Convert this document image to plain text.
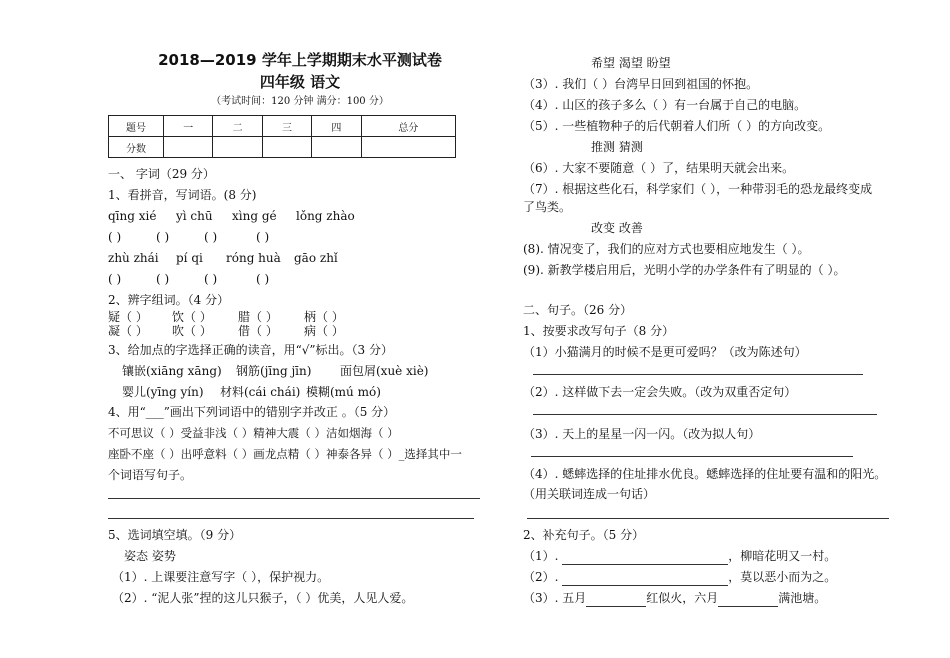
2018—2019 学年上学期期末水平测试卷
四年级 语文
（考试时间：120 分钟 满分：100 分）
题号	一	二	三	四	总分
分数					
一、 字词（29 分）
1、看拼音，写词语。(8 分)
qīng xié yì chū xìng gé lǒng zhào
( )	( )	( )	( )
zhù zhái pí qi róng huà gāo zhǐ
( )	( )	( )	( )
2、辨字组词。（4 分）
疑（ ） 饮（ ） 腊（ ） 柄（ ）
凝（ ） 吹（ ） 借（ ） 病（ ）
3、给加点的字选择正确的读音，用“√”标出。（3 分）
镶嵌(xiāng xāng) 钢筋(jīng jīn) 面包屑(xuè xiè)
婴儿(yīng yín) 材料(cái chái) 模糊(mú mó)
4、用“___”画出下列词语中的错别字并改正 。（5 分）
不可思议（ ）受益非浅（ ）精神大震（ ）洁如烟海（ ）
座卧不座（ ）出呼意料（ ）画龙点精（ ）神泰各异（ ）_选择其中一
个词语写句子。
5、选词填空填。（9 分）
姿态 姿势
（1）. 上课要注意写字（ ），保护视力。
（2）. “泥人张”捏的这儿只猴子，（ ）优美，人见人爱。
希望 渴望 盼望
（3）. 我们（ ）台湾早日回到祖国的怀抱。
（4）. 山区的孩子多么（ ）有一台属于自己的电脑。
（5）. 一些植物种子的后代朝着人们所（ ）的方向改变。
推测 猜测
（6）. 大家不要随意（ ）了，结果明天就会出来。
（7）. 根据这些化石，科学家们（ ），一种带羽毛的恐龙最终变成
了鸟类。
改变 改善
(8). 情况变了，我们的应对方式也要相应地发生（ ）。
(9). 新教学楼启用后，光明小学的办学条件有了明显的（ ）。
二、句子。（26 分）
1、按要求改写句子（8 分）
（1）小猫满月的时候不是更可爱吗？（改为陈述句）
（2）. 这样做下去一定会失败。（改为双重否定句）
（3）. 天上的星星一闪一闪。（改为拟人句）
（4）. 蟋蟀选择的住址排水优良。蟋蟀选择的住址要有温和的阳光。
（用关联词连成一句话）
2、补充句子。（5 分）
（1）.	，柳暗花明又一村。
（2）.	，莫以恶小而为之。
（3）. 五月	红似火，六月	满池塘。
